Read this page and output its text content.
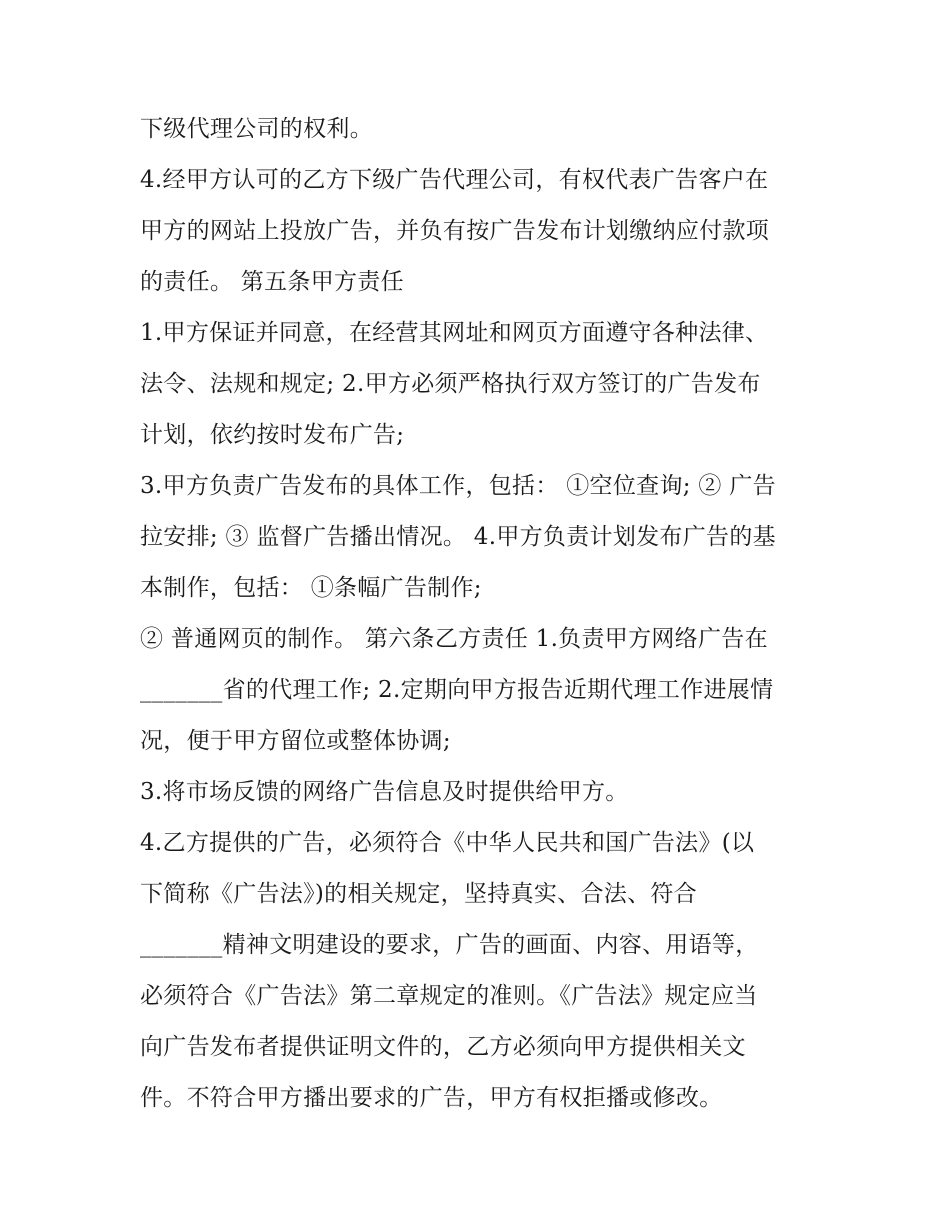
下级代理公司的权利。
4.经甲方认可的乙方下级广告代理公司，有权代表广告客户在
甲方的网站上投放广告，并负有按广告发布计划缴纳应付款项
的责任。 第五条甲方责任
1.甲方保证并同意，在经营其网址和网页方面遵守各种法律、
法令、法规和规定; 2.甲方必须严格执行双方签订的广告发布
计划，依约按时发布广告;
3.甲方负责广告发布的具体工作，包括： ①空位查询; ② 广告
拉安排; ③ 监督广告播出情况。 4.甲方负责计划发布广告的基
本制作，包括： ①条幅广告制作;
② 普通网页的制作。 第六条乙方责任 1.负责甲方网络广告在
_______省的代理工作; 2.定期向甲方报告近期代理工作进展情
况，便于甲方留位或整体协调;
3.将市场反馈的网络广告信息及时提供给甲方。
4.乙方提供的广告，必须符合《中华人民共和国广告法》(以
下简称《广告法》)的相关规定，坚持真实、合法、符合
_______精神文明建设的要求，广告的画面、内容、用语等，
必须符合《广告法》第二章规定的准则。《广告法》规定应当
向广告发布者提供证明文件的，乙方必须向甲方提供相关文
件。不符合甲方播出要求的广告，甲方有权拒播或修改。
